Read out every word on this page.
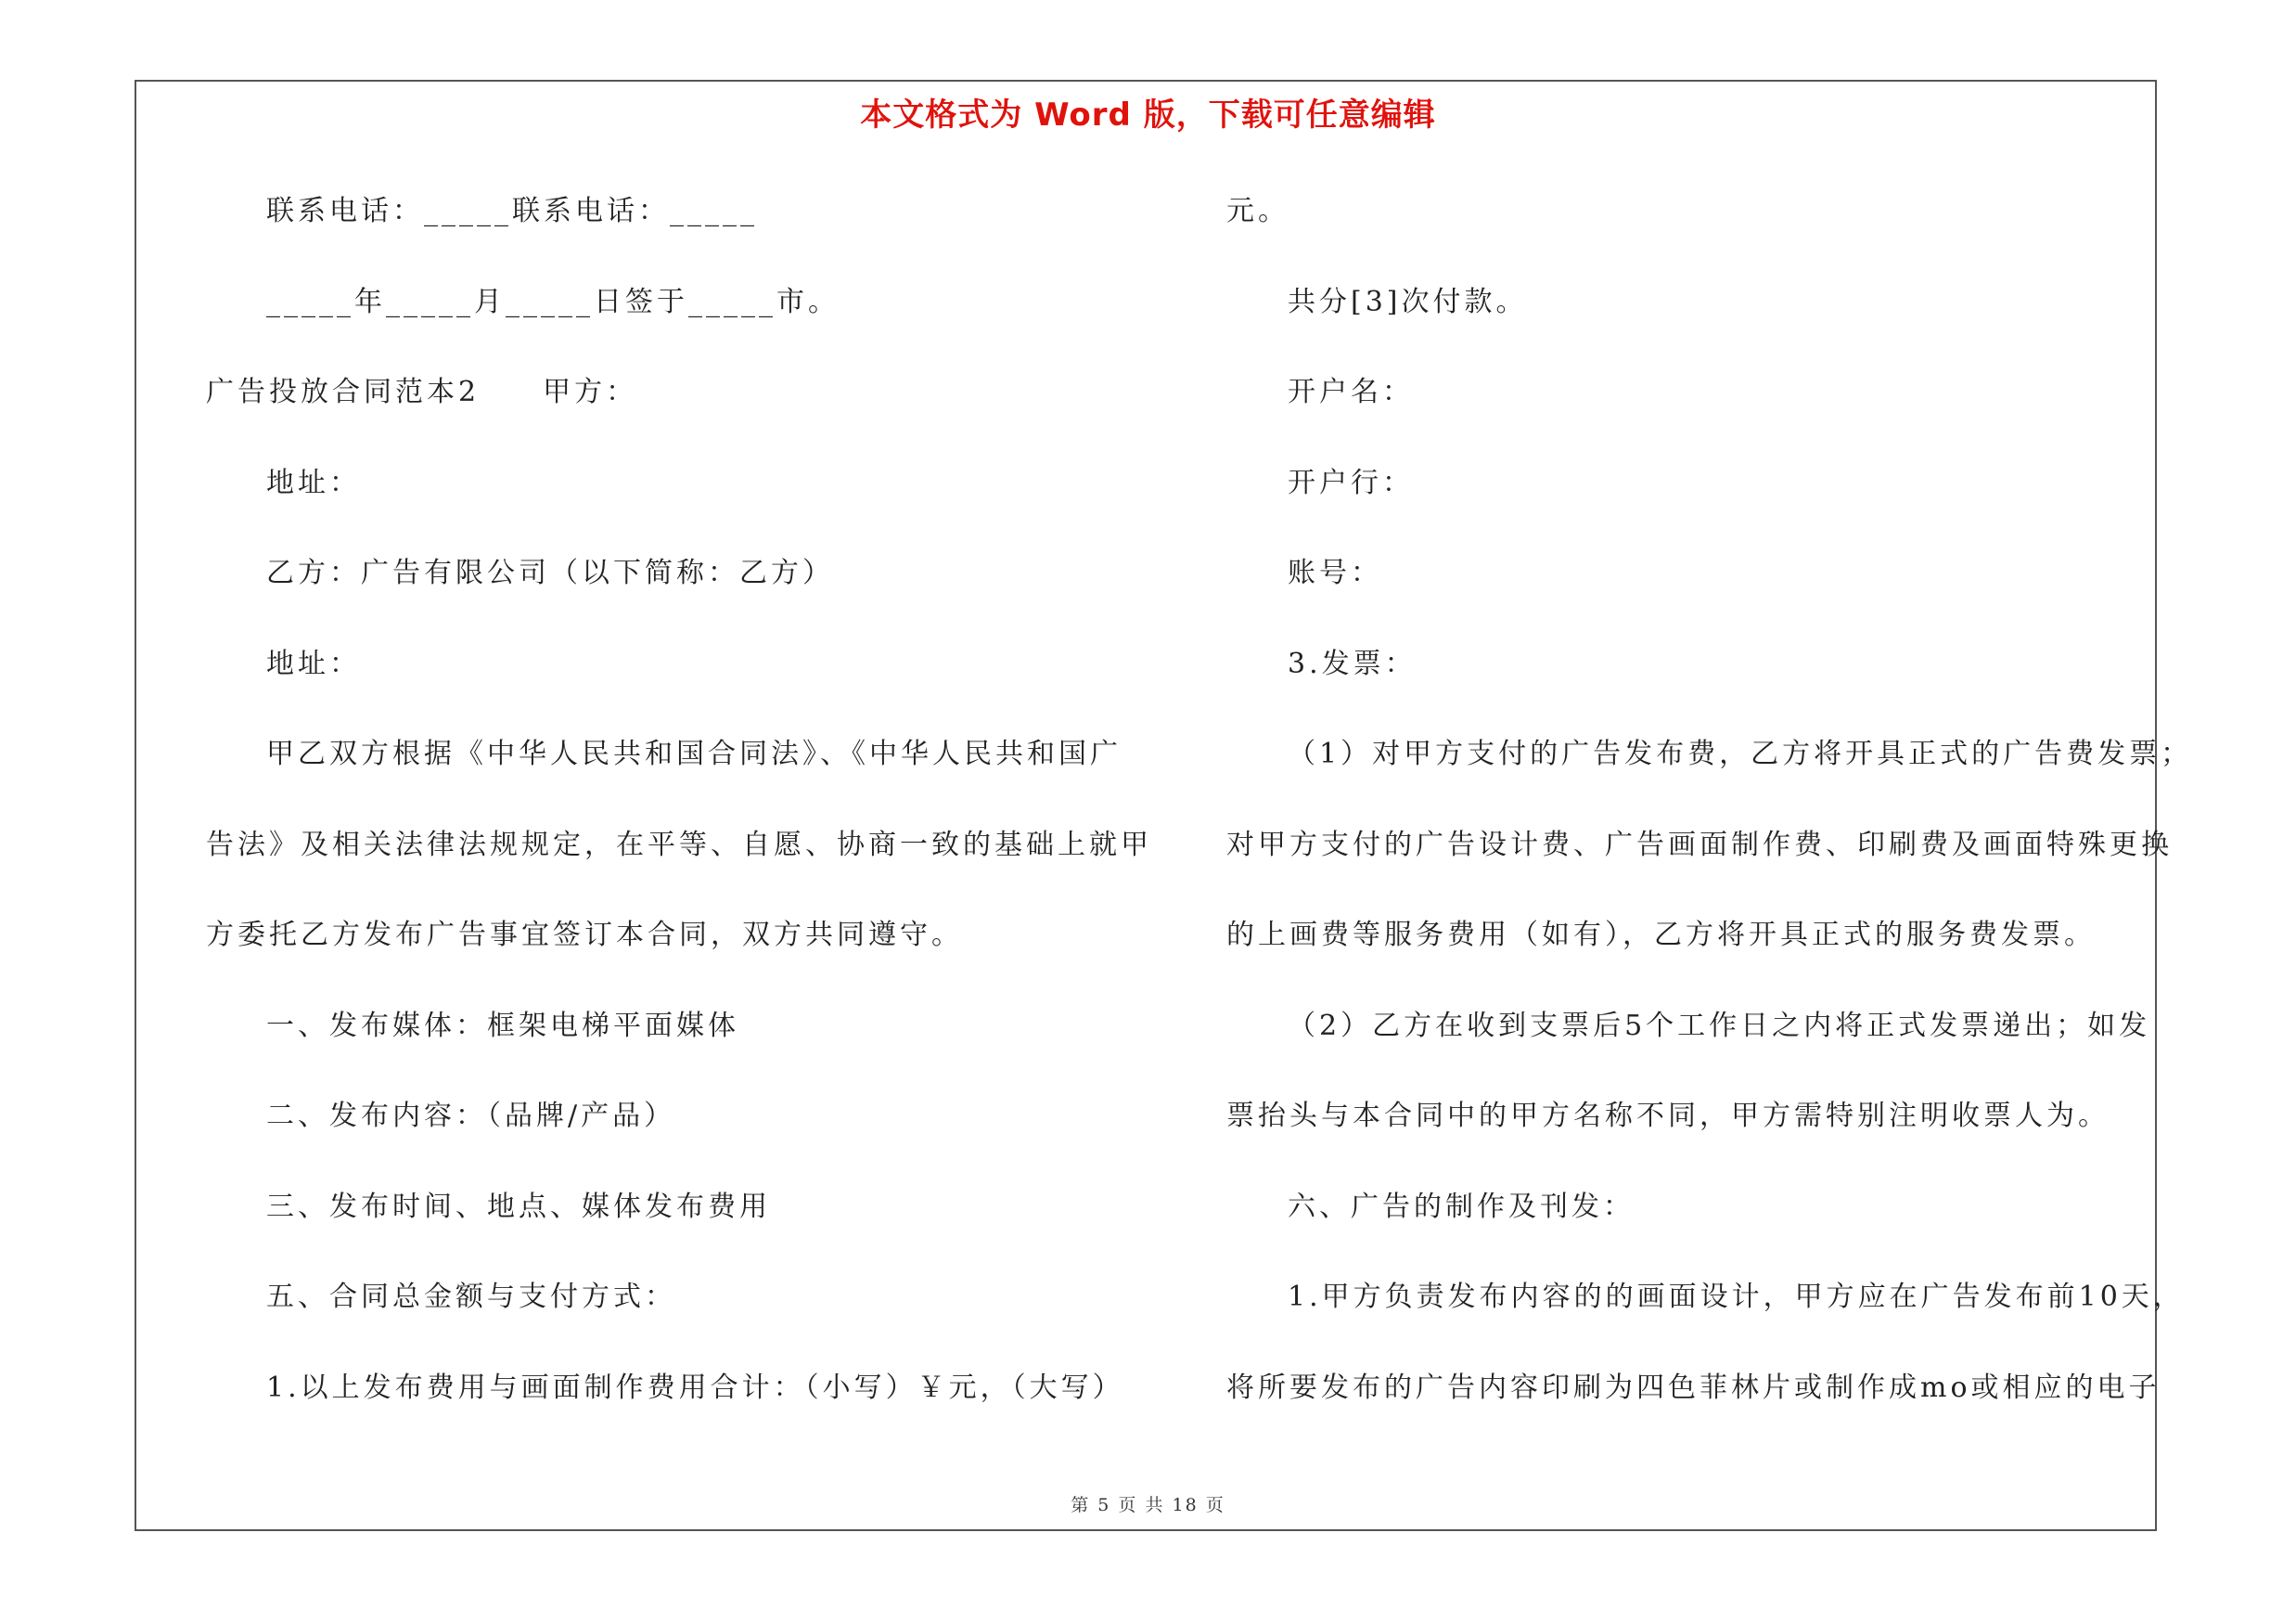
本文格式为 Word 版，下载可任意编辑
联系电话：_____联系电话：_____
_____年_____月_____日签于_____市。
广告投放合同范本2　　甲方：
地址：
乙方：广告有限公司（以下简称：乙方）
地址：
甲乙双方根据《中华人民共和国合同法》、《中华人民共和国广
告法》及相关法律法规规定，在平等、自愿、协商一致的基础上就甲
方委托乙方发布广告事宜签订本合同，双方共同遵守。
一、发布媒体：框架电梯平面媒体
二、发布内容：（品牌/产品）
三、发布时间、地点、媒体发布费用
五、合同总金额与支付方式：
1.以上发布费用与画面制作费用合计：（小写）￥元，（大写）
元。
共分[3]次付款。
开户名：
开户行：
账号：
3.发票：
（1）对甲方支付的广告发布费，乙方将开具正式的广告费发票；
对甲方支付的广告设计费、广告画面制作费、印刷费及画面特殊更换
的上画费等服务费用（如有），乙方将开具正式的服务费发票。
（2）乙方在收到支票后5个工作日之内将正式发票递出；如发
票抬头与本合同中的甲方名称不同，甲方需特别注明收票人为。
六、广告的制作及刊发：
1.甲方负责发布内容的的画面设计，甲方应在广告发布前10天，
将所要发布的广告内容印刷为四色菲林片或制作成mo或相应的电子
第 5 页 共 18 页
